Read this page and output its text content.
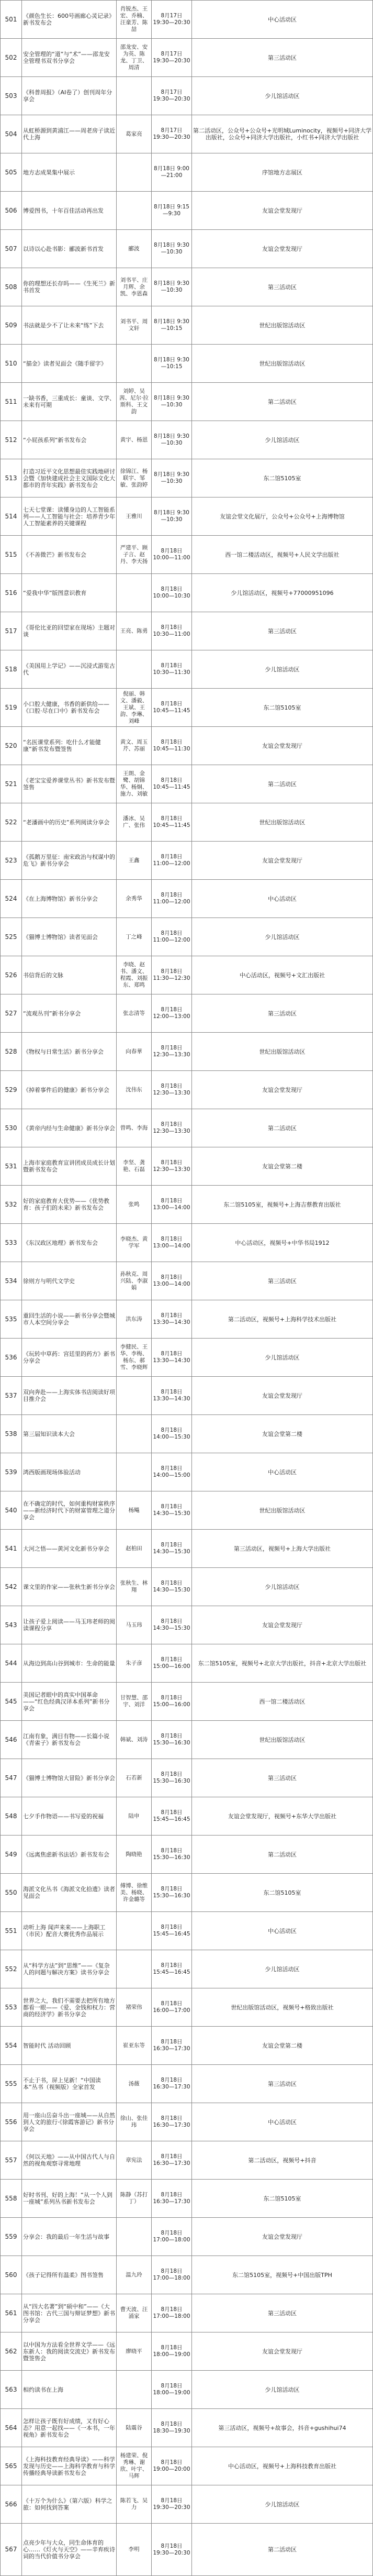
501	《颜色生长：600号画廊心灵记录》新书发布会	肖锐杰、王宏、乔楠、汪童芳、陈喆	8月17日 19:30—20:30	中心活动区
502	安全管理的“道”与“术”——邵龙安全管理书双书分享会	邵龙安、安为英、陈龙、丁卫、周清	8月17日 19:30—20:30	第三活动区
503	《科普周报》（AI卷了）创刊周年分享会		8月17日 19:30—20:30	少儿馆活动区
504	从虹桥源到黄浦江——周老房子读近代上海	葛家亮	8月17日 19:30—20:30	第二活动区，公众号+公众号+光明城Luminocity，视频号+同济大学出版社，公众号+同济大学出版社，小红书+同济大学出版社
505	地方志成果集中展示		8月18日 9:00—21:00	序馆地方志展区
506	博爱图书，十年百佳活动再出发		8月18日 9:15—9:30	友谊会堂发现厅
507	以诗以心赴书影：郦波新书首发	郦波	8月18日 9:30—10:30	友谊会堂发现厅
508	你的理想还长存吗——《生死兰》新书首发	刘书平、庄月辉、余凯、李恩森	8月18日 9:30—10:30	第三活动区
509	书法就是少不了让未来“练”下去	刘书平、周文轩	8月18日 9:30—10:15	世纪出版馆活动区
510	“描金》读者见面会《随手留字》		8月18日 9:30—10:15	世纪出版馆活动区
511	一缺书香，三重成长：童谈、文学、未来有可期	刘婷、吴茜、尼尔·拉斯科、王文韵	8月18日 9:30—10:30	第二活动区
512	“小屁孩系列”新书发布会	黄宇、杨恩	8月18日 9:30—10:30	少儿馆活动区
513	打造习近平文化思想最佳实践地研讨会暨《加快建成社会主义国际文化大都市的青年实践》新书发布会	徐锦江、杨联宇、邹敏、张韵婷	8月18日 9:30—10:30	东二馆5105室
514	七天七堂课：读懂身边的人工智能系列——人工智能与社会：培养青少年人工智能素养的关键课程	王雅川	8月18日 9:30—10:30	友谊会堂文化展厅，公众号+公众号+上海博物馆
515	《不善微芒》新书发布会	严建平、顾子言、赵丹、李天扬	8月18日 10:00—11:00	西一馆二楼活动区，视频号+人民文学出版社
516	“爱我中华”版图意识教育		8月18日 10:00—10:30	少儿馆活动区，视频号+77000951096
517	《哥伦比亚的回望家在现场》主题对谈	王亮、陈勇	8月18日 10:30—11:00	第三活动区
518	《美国用上学记》——沉浸式游览古代		8月18日 10:30—11:30	少儿馆活动区
519	小口腔大健康，书香的新供给——《口腔·尽在口中》新书发布会	倪丽、韩文、潘毅、王斌、王韵、李琳、刘峰	8月18日 10:45—11:45	东二馆5105室
520	“名医课堂系列：吃什么才能健康”新书发布暨签售	黄文、周玉芹、苏丽	8月18日 10:45—11:30	友谊会堂发现厅
521	《老宝宝爱养课堂丛书》新书发布暨签售	王朗、金鹭、胡锦华、杨炯、施力、刘敏	8月18日 10:45—11:45	第二活动区
522	“老潘画中的历史”系列阅读分享会	潘冰、吴广、张伟	8月18日 10:45—11:45	世纪出版馆活动区
523	《孤鹅万里征：南宋政治与权谋中的危飞》新书分享会	王鑫	8月18日 11:00—12:00	友谊会堂发现厅
524	《在上海博物馆》新书分享会	余秀华	8月18日 11:00—12:00	中心活动区
525	《猫博士博物馆》读者见面会	丁之峰	8月18日 11:00—12:00	少儿馆活动区
526	书信背后的文脉	李晓、赵书、潘文、程霞、刘振东、郑鸣	8月18日 11:30—12:30	中心活动区，视频号+文汇出版社
527	“流观丛刊”新书分享会	张志清等	8月18日 12:00—13:00	第三活动区
528	《物权与日常生活》新书分享会	向春華	8月18日 12:30—13:30	世纪出版馆活动区
529	《掉着事件后的健康》新书分享会	沈伟东	8月18日 12:30—13:30	友谊会堂发现厅
530	《黄帝内经与生命健康》新书分享会	曾鸣、李海	8月18日 12:30—13:30	第二活动区
531	上海市家庭教育宣讲团成员成长计划暨新书发布会	李坚、龚艳、石磊	8月18日 12:30—13:30	友谊会堂第二楼
532	好的家庭教育大优势——《优势教育：孩子们的未来》新书发布会	张鸣	8月18日 13:00—14:00	东二馆5105室，视频号+上海吉蔡教育出版社
533	《东汉政区地理》新书发布会	李晓杰、黄学军	8月18日 13:00—14:00	中心活动区，视频号+中华书局1912
534	徐则方与明代文学史	孙秋克、周兴陆、李淑娟	8月18日 13:00—14:00	第三活动区
535	重回生活的小说——新书分享会暨城市人本空间分享会	洪东涛	8月18日 13:30—14:30	第二活动区，视频号+上海科学技术出版社
536	《玩转中草药：宫廷里的药方》新书分享会	李健民、王华、李梅、杨东、郝雪、李晓辉	8月18日 13:30—14:30	少儿馆活动区
537	双向奔赴——上海实体书店阅读好项目推介会		8月18日 13:30—14:30	友谊会堂发现厅
538	第三届知识读本大会		8月18日 14:00—15:30	友谊会堂第二楼
539	鸿西版画现场体验活动		8月18日 14:00—15:00	中心活动区
540	在不确定的时代，如何重构财富秩序——新经济时代下的财富管理之道分享会	杨飚	8月18日 14:30—15:30	世纪出版馆活动区
541	大河之悟——黄河文化新书分享会	赵柏田	8月18日 14:30—15:30	第三活动区，视频号+上海大学出版社
542	课文里的作家——张秋生新书分享会	张秋生、林翔	8月18日 14:30—15:30	少儿馆活动区
543	让孩子爱上阅读——马玉玮老师的阅读课程分享	马玉玮	8月18日 14:30—15:30	友谊会堂发现厅
544	从海边到高山谷到城市：生命的能量	朱子彦	8月18日 15:00—16:00	东二馆5105室，视频号+北京大学出版社，抖音+北京大学出版社
545	美国记者眼中的真实中国革命——“红色经典汉译本系列”新书分享会	甘智慧、邵宇、刘洋	8月18日 15:00—16:00	西一馆二楼活动区
546	江南有象，满目有物——长篇小说《青雀子》新书发布会	韩斌、刘涛	8月18日 15:30—16:30	世纪出版馆活动区
547	《猫博士博物馆大冒险》新书分享会	石若新	8月18日 15:30—16:30	第三活动区
548	七夕手作物语——书写爱的祝福	陆申	8月18日 15:45—16:45	友谊会堂发现厅，视频号+东华大学出版社
549	《远离焦虑新书法话》新书发布会	陶晓艳	8月18日 15:30—16:30	第二活动区
550	海派文化丛书《海派文化拾遗》读者见面会	傅博、徐维美、杨晓、许金璐等	8月18日 15:30—16:30	东二馆5105室
551	动听上海 闻声来来——上海职工（市民）配音大赛优秀作品展示		8月18日 15:45—16:45	中心活动区
552	从“科学方法”到“思维”——《复杂人的问题与解决方案》读书分享会		8月18日 15:45—16:45	少儿馆活动区
553	世界之大，我们不需要去把所有地方都看一眼——《爱、金钱和权力：营商的经济学》新书分享会	褚荣伟	8月18日 16:00—17:00	世纪出版馆活动区，视频号+格致出版社
554	智能时代 活动回顾	崔亚东等	8月18日 16:30—17:30	友谊会堂第二楼
555	不止于书，屏上见新！“中国读本”丛书（视频版）全家首发	汤薇	8月18日 16:30—17:30	第三活动区
556	用一座山岳奋斗出一座城——从自然到人文的旅行·《徐霞客游记》新书分享会	徐山、张佳玮	8月18日 16:30—17:30	中心活动区
557	《何以天地》——从中国古代人与自然的视角观察寻常地理	章宪法	8月18日 16:30—17:30	第二活动区，视频号+抖音
558	好时书刊、好的上海！“从一个人到一座城”系列丛书新书发布会	陈静（苏打丁）	8月18日 16:30—17:30	东二馆5105室
559	分享会：我的最后一年生活与故事		8月18日 17:00—18:00	友谊会堂发现厅
560	《孩子记得所有温柔》图书签售	温九玲	8月18日 17:00—18:00	东二馆5105室，视频号+中国出版TPH
561	从“四大名著”到“硕中和”——《大图书馆：古代三国与辩证梦想》新书分享会	曹天波、汪涌家	8月18日 17:00—18:00	第三活动区
562	以中国为方法看全世界文学——《远东新人：我的阅读交流史》新书发布暨签售会	廖晓平	8月18日 18:00—19:00	友谊会堂发现厅
563	相约读书在上海		8月18日 18:00—19:00	少儿馆活动区
564	怎样让孩子既有好成绩，又有好心态？用意一起找——《一本书，一年视角》新书发布会	陆震谷	8月18日 18:30—19:30	第三活动区，视频号+故事会，抖音+gushihui74
565	《上海科技教育经典导读》——科学发现与历史——上海科学教育与科学传播经典导读新书发布会	杨建荣、倪秀琳、谢欣、叶宇、马辉	8月18日 19:00—20:00	中心活动区，视频号+上海科技教育出版社
566	《十万个为什么》（第六版）科学之旅：如何找到答案	陈若飞、吴力	8月18日 19:30—20:30	少儿馆活动区
567	点亮少年与大众，同生命体育的心……《灯火与天空》——辛弃疾诗词的当代价值书分享会	李明	8月18日 19:30—20:30	第二活动区
